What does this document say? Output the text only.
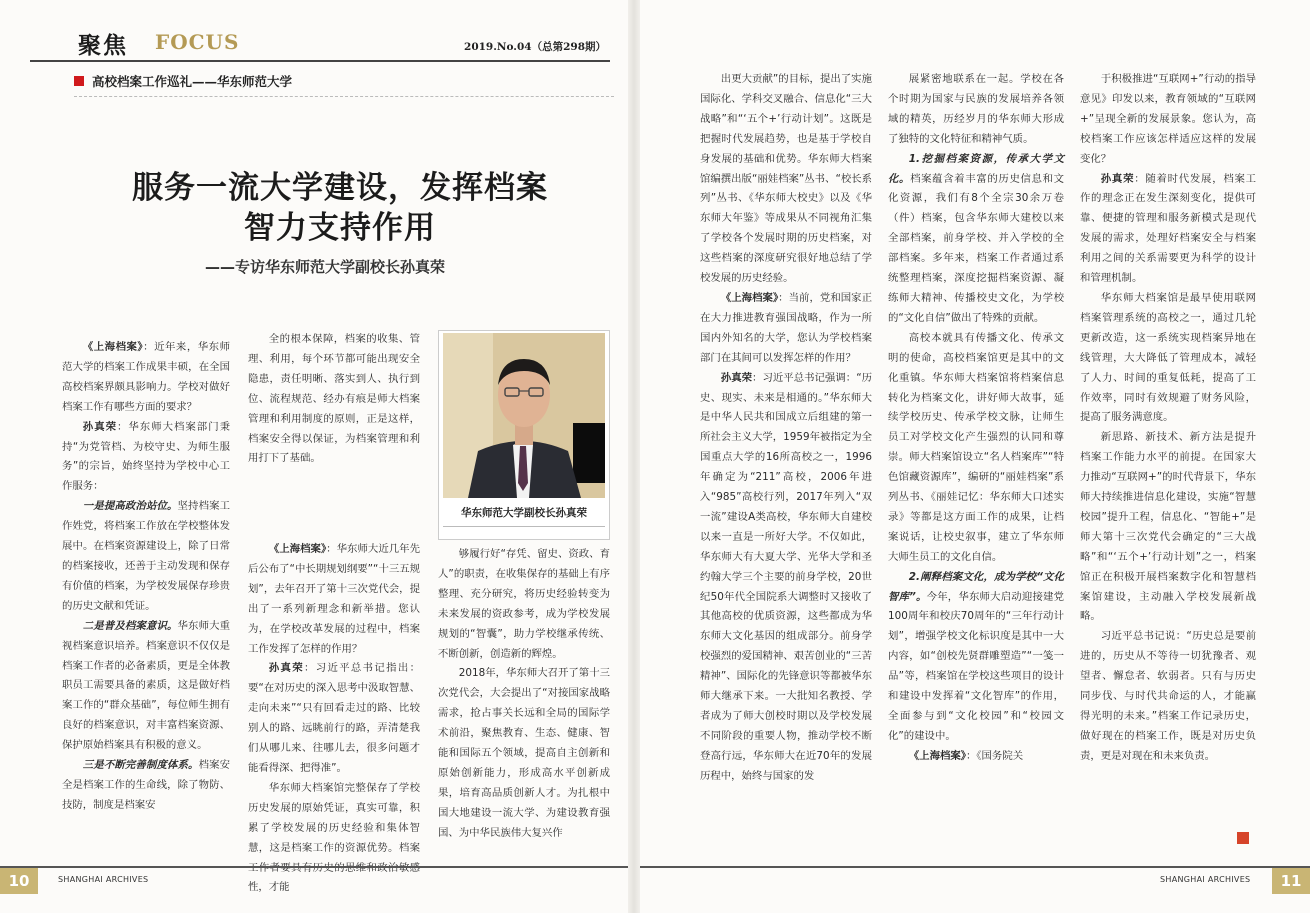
聚焦 FOCUS	2019.No.04（总第298期）
高校档案工作巡礼——华东师范大学
服务一流大学建设，发挥档案
智力支持作用
——专访华东师范大学副校长孙真荣
华东师范大学副校长孙真荣

《上海档案》：近年来，华东师范大学的档案工作成果丰硕，在全国高校档案界颇具影响力。学校对做好档案工作有哪些方面的要求？

孙真荣：华东师大档案部门秉持“为党管档、为校守史、为师生服务”的宗旨，始终坚持为学校中心工作服务：

一是提高政治站位。坚持档案工作姓党，将档案工作放在学校整体发展中。在档案资源建设上，除了日常的档案接收，还善于主动发现和保存有价值的档案，为学校发展保存珍贵的历史文献和凭证。

二是普及档案意识。华东师大重视档案意识培养。档案意识不仅仅是档案工作者的必备素质，更是全体教职员工需要具备的素质，这是做好档案工作的“群众基础”，每位师生拥有良好的档案意识，对丰富档案资源、保护原始档案具有积极的意义。

三是不断完善制度体系。档案安全是档案工作的生命线，除了物防、技防，制度是档案安

全的根本保障，档案的收集、管理、利用，每个环节都可能出现安全隐患，责任明晰、落实到人、执行到位、流程规范、经办有痕是师大档案管理和利用制度的原则，正是这样，档案安全得以保证，为档案管理和利用打下了基础。

《上海档案》：华东师大近几年先后公布了“中长期规划纲要”“十三五规划”，去年召开了第十三次党代会，提出了一系列新理念和新举措。您认为，在学校改革发展的过程中，档案工作发挥了怎样的作用？

孙真荣：习近平总书记指出：要“在对历史的深入思考中汲取智慧、走向未来”“只有回看走过的路、比较别人的路、远眺前行的路，弄清楚我们从哪儿来、往哪儿去，很多问题才能看得深、把得准”。

华东师大档案馆完整保存了学校历史发展的原始凭证，真实可靠，积累了学校发展的历史经验和集体智慧，这是档案工作的资源优势。档案工作者要具有历史的思维和政治敏感性，才能

够履行好“存凭、留史、资政、育人”的职责，在收集保存的基础上有序整理、充分研究，将历史经验转变为未来发展的资政参考，成为学校发展规划的“智囊”，助力学校继承传统、不断创新，创造新的辉煌。

2018年，华东师大召开了第十三次党代会，大会提出了“对接国家战略需求，抢占事关长远和全局的国际学术前沿，聚焦教育、生态、健康、智能和国际五个领域，提高自主创新和原始创新能力，形成高水平创新成果，培育高品质创新人才。为扎根中国大地建设一流大学、为建设教育强国、为中华民族伟大复兴作

出更大贡献”的目标，提出了实施国际化、学科交叉融合、信息化“三大战略”和“‘五个+’行动计划”。这既是把握时代发展趋势，也是基于学校自身发展的基础和优势。华东师大档案馆编撰出版“丽娃档案”丛书、“校长系列”丛书、《华东师大校史》以及《华东师大年鉴》等成果从不同视角汇集了学校各个发展时期的历史档案，对这些档案的深度研究很好地总结了学校发展的历史经验。

《上海档案》：当前，党和国家正在大力推进教育强国战略，作为一所国内外知名的大学，您认为学校档案部门在其间可以发挥怎样的作用？

孙真荣：习近平总书记强调：“历史、现实、未来是相通的。”华东师大是中华人民共和国成立后组建的第一所社会主义大学，1959年被指定为全国重点大学的16所高校之一，1996年确定为“211”高校，2006年进入“985”高校行列，2017年列入“双一流”建设A类高校，华东师大自建校以来一直是一所好大学。不仅如此，华东师大有大夏大学、光华大学和圣约翰大学三个主要的前身学校，20世纪50年代全国院系大调整时又接收了其他高校的优质资源，这些都成为华东师大文化基因的组成部分。前身学校强烈的爱国精神、艰苦创业的“三苦精神”、国际化的先锋意识等都被华东师大继承下来。一大批知名教授、学者成为了师大创校时期以及学校发展不同阶段的重要人物，推动学校不断登高行远，华东师大在近70年的发展历程中，始终与国家的发

展紧密地联系在一起。学校在各个时期为国家与民族的发展培养各领域的精英，历经岁月的华东师大形成了独特的文化特征和精神气质。

1.挖掘档案资源，传承大学文化。档案蕴含着丰富的历史信息和文化资源，我们有8个全宗30余万卷（件）档案，包含华东师大建校以来全部档案，前身学校、并入学校的全部档案。多年来，档案工作者通过系统整理档案，深度挖掘档案资源、凝练师大精神、传播校史文化，为学校的“文化自信”做出了特殊的贡献。

高校本就具有传播文化、传承文明的使命，高校档案馆更是其中的文化重镇。华东师大档案馆将档案信息转化为档案文化，讲好师大故事，延续学校历史、传承学校文脉，让师生员工对学校文化产生强烈的认同和尊崇。师大档案馆设立“名人档案库”“特色馆藏资源库”，编研的“丽娃档案”系列丛书、《丽娃记忆：华东师大口述实录》等都是这方面工作的成果，让档案说话，让校史叙事，建立了华东师大师生员工的文化自信。

2.阐释档案文化，成为学校“文化智库”。今年，华东师大启动迎接建党100周年和校庆70周年的“三年行动计划”，增强学校文化标识度是其中一大内容，如“创校先贤群雕塑造”“一笺一品”等，档案馆在学校这些项目的设计和建设中发挥着“文化智库”的作用，全面参与到“文化校园”和“校园文化”的建设中。

《上海档案》：《国务院关

于积极推进“互联网+”行动的指导意见》印发以来，教育领域的“互联网+”呈现全新的发展景象。您认为，高校档案工作应该怎样适应这样的发展变化？

孙真荣：随着时代发展，档案工作的理念正在发生深刻变化，提供可靠、便捷的管理和服务新模式是现代发展的需求，处理好档案安全与档案利用之间的关系需要更为科学的设计和管理机制。

华东师大档案馆是最早使用联网档案管理系统的高校之一，通过几轮更新改造，这一系统实现档案异地在线管理，大大降低了管理成本，减轻了人力、时间的重复低耗，提高了工作效率，同时有效规避了财务风险，提高了服务满意度。

新思路、新技术、新方法是提升档案工作能力水平的前提。在国家大力推动“互联网+”的时代背景下，华东师大持续推进信息化建设，实施“智慧校园”提升工程，信息化、“智能+”是师大第十三次党代会确定的“三大战略”和“‘五个+’行动计划”之一，档案馆正在积极开展档案数字化和智慧档案馆建设，主动融入学校发展新战略。

习近平总书记说：“历史总是要前进的，历史从不等待一切犹豫者、观望者、懈怠者、软弱者。只有与历史同步伐、与时代共命运的人，才能赢得光明的未来。”档案工作记录历史，做好现在的档案工作，既是对历史负责，更是对现在和未来负责。

10	SHANGHAI ARCHIVES	SHANGHAI ARCHIVES	11
